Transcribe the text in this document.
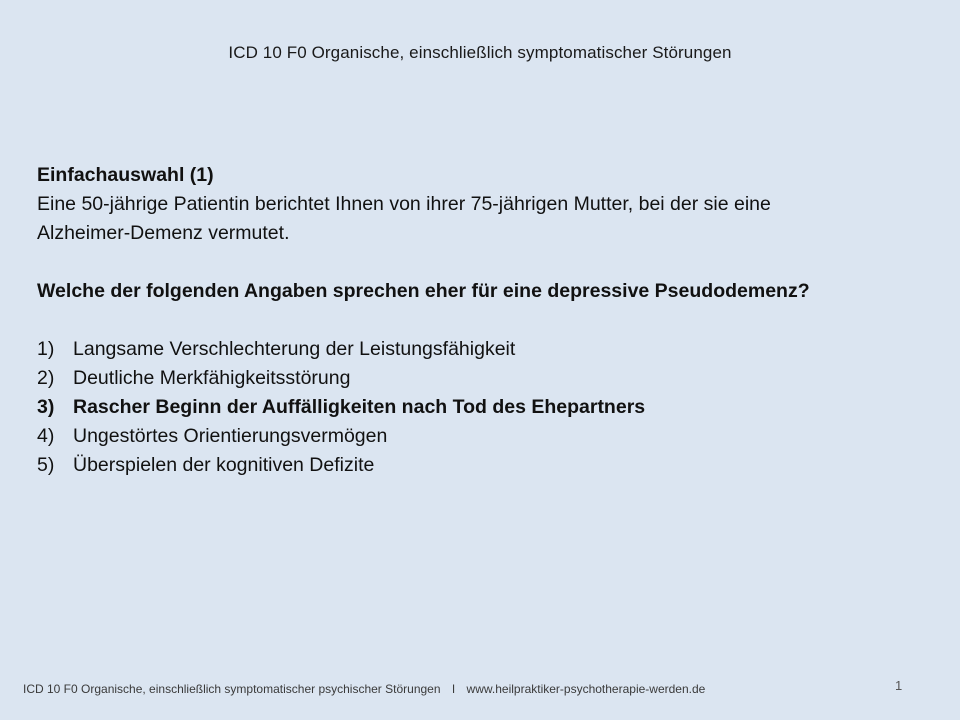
ICD 10 F0 Organische, einschließlich symptomatischer Störungen
Einfachauswahl (1)
Eine 50-jährige Patientin berichtet Ihnen von ihrer 75-jährigen Mutter, bei der sie eine
Alzheimer-Demenz vermutet.
Welche der folgenden Angaben sprechen eher für eine depressive Pseudodemenz?
1) Langsame Verschlechterung der Leistungsfähigkeit
2) Deutliche Merkfähigkeitsstörung
3) Rascher Beginn der Auffälligkeiten nach Tod des Ehepartners
4) Ungestörtes Orientierungsvermögen
5) Überspielen der kognitiven Defizite
ICD 10 F0 Organische, einschließlich symptomatischer psychischer Störungen I www.heilpraktiker-psychotherapie-werden.de	1
